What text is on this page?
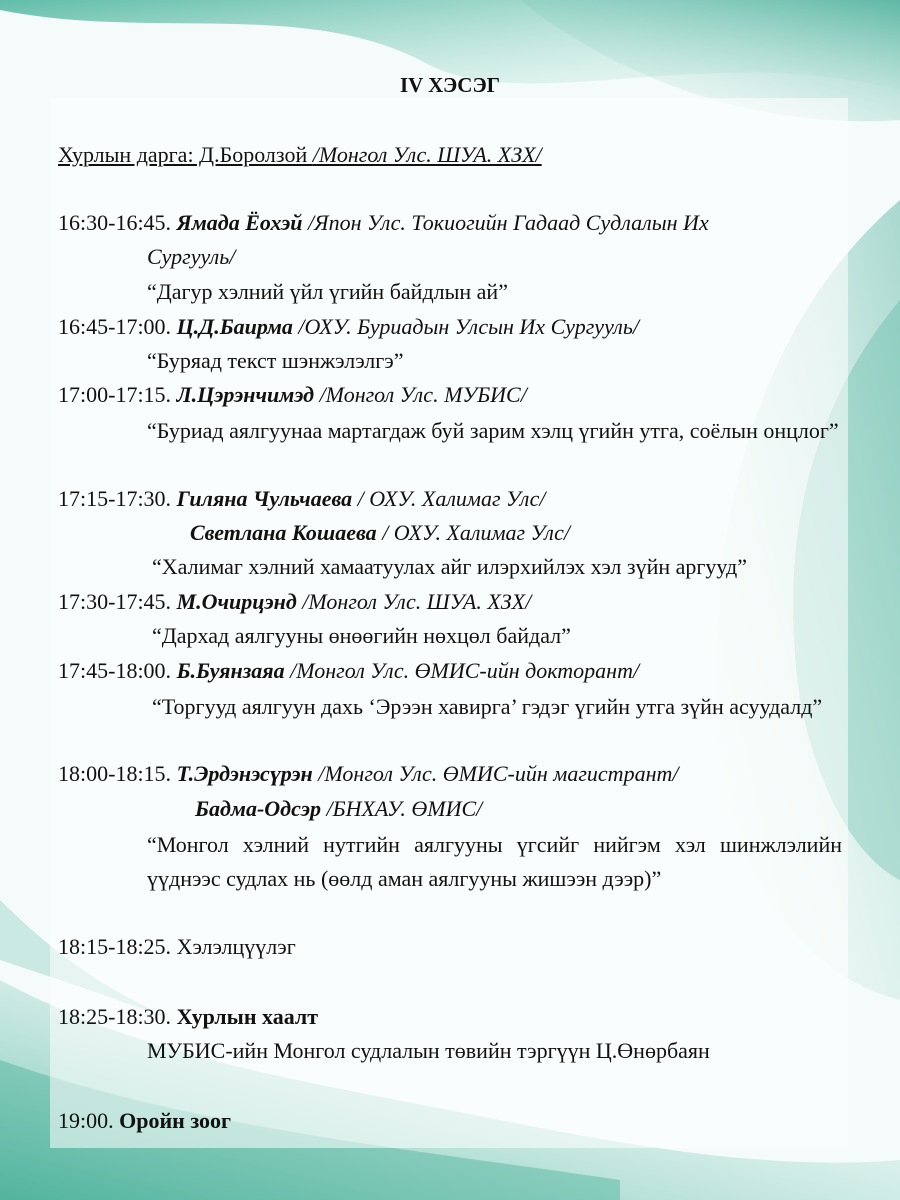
IV ХЭСЭГ
Хурлын дарга: Д.Боролзой /Монгол Улс. ШУА. ХЗХ/
16:30-16:45. Ямада Ёохэй /Япон Улс. Токиогийн Гадаад Судлалын Их
Сургууль/
“Дагур хэлний үйл үгийн байдлын ай”
16:45-17:00. Ц.Д.Баирма /ОХУ. Буриадын Улсын Их Сургууль/
“Буряад текст шэнжэлэлгэ”
17:00-17:15. Л.Цэрэнчимэд /Монгол Улс. МУБИС/
“Буриад аялгуунаа мартагдаж буй зарим хэлц үгийн утга, соёлын онцлог”
17:15-17:30. Гиляна Чульчаева / ОХУ. Халимаг Улс/
Светлана Кошаева / ОХУ. Халимаг Улс/
“Халимаг хэлний хамаатуулах айг илэрхийлэх хэл зүйн аргууд”
17:30-17:45. М.Очирцэнд /Монгол Улс. ШУА. ХЗХ/
“Дархад аялгууны өнөөгийн нөхцөл байдал”
17:45-18:00. Б.Буянзаяа /Монгол Улс. ӨМИС-ийн докторант/
“Торгууд аялгуун дахь ‘Эрээн хавирга’ гэдэг үгийн утга зүйн асуудалд”
18:00-18:15. Т.Эрдэнэсүрэн /Монгол Улс. ӨМИС-ийн магистрант/
Бадма-Одсэр /БНХАУ. ӨМИС/
“Монгол хэлний нутгийн аялгууны үгсийг нийгэм хэл шинжлэлийн үүднээс судлах нь (өөлд аман аялгууны жишээн дээр)”
18:15-18:25. Хэлэлцүүлэг
18:25-18:30. Хурлын хаалт
МУБИС-ийн Монгол судлалын төвийн тэргүүн Ц.Өнөрбаян
19:00. Оройн зоог
